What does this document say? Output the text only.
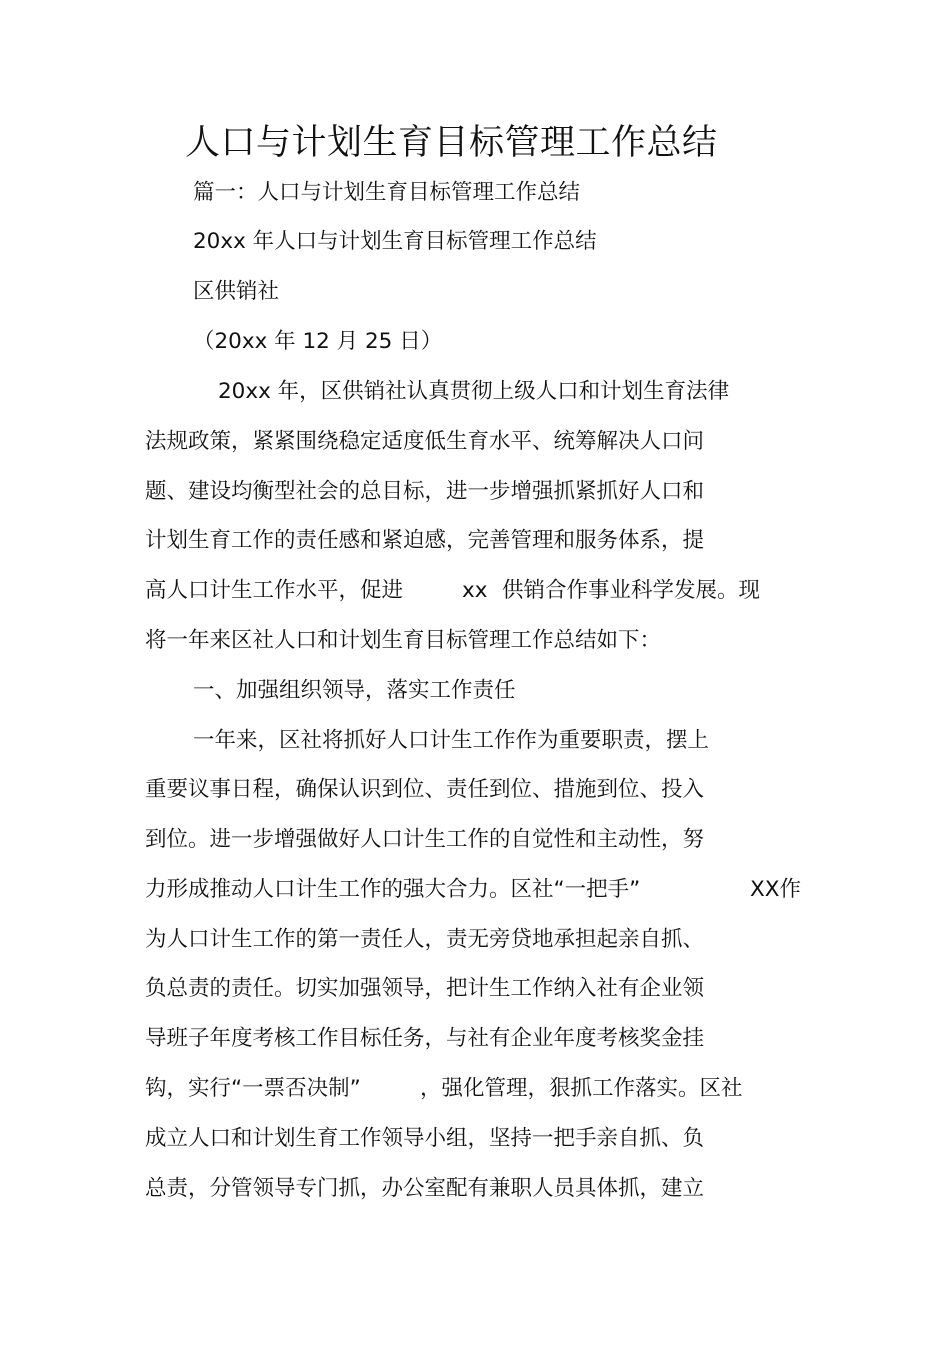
人口与计划生育目标管理工作总结
篇一：人口与计划生育目标管理工作总结
20xx 年人口与计划生育目标管理工作总结
区供销社
（20xx 年 12 月 25 日）
20xx 年，区供销社认真贯彻上级人口和计划生育法律
法规政策，紧紧围绕稳定适度低生育水平、统筹解决人口问
题、建设均衡型社会的总目标，进一步增强抓紧抓好人口和
计划生育工作的责任感和紧迫感，完善管理和服务体系，提
高人口计生工作水平，促进	xx 供销合作事业科学发展。现
将一年来区社人口和计划生育目标管理工作总结如下：
一、加强组织领导，落实工作责任
一年来，区社将抓好人口计生工作作为重要职责，摆上
重要议事日程，确保认识到位、责任到位、措施到位、投入
到位。进一步增强做好人口计生工作的自觉性和主动性，努
力形成推动人口计生工作的强大合力。区社“一把手”	XX作
为人口计生工作的第一责任人，责无旁贷地承担起亲自抓、
负总责的责任。切实加强领导，把计生工作纳入社有企业领
导班子年度考核工作目标任务，与社有企业年度考核奖金挂
钩，实行“一票否决制”	，强化管理，狠抓工作落实。区社
成立人口和计划生育工作领导小组，坚持一把手亲自抓、负
总责，分管领导专门抓，办公室配有兼职人员具体抓，建立
